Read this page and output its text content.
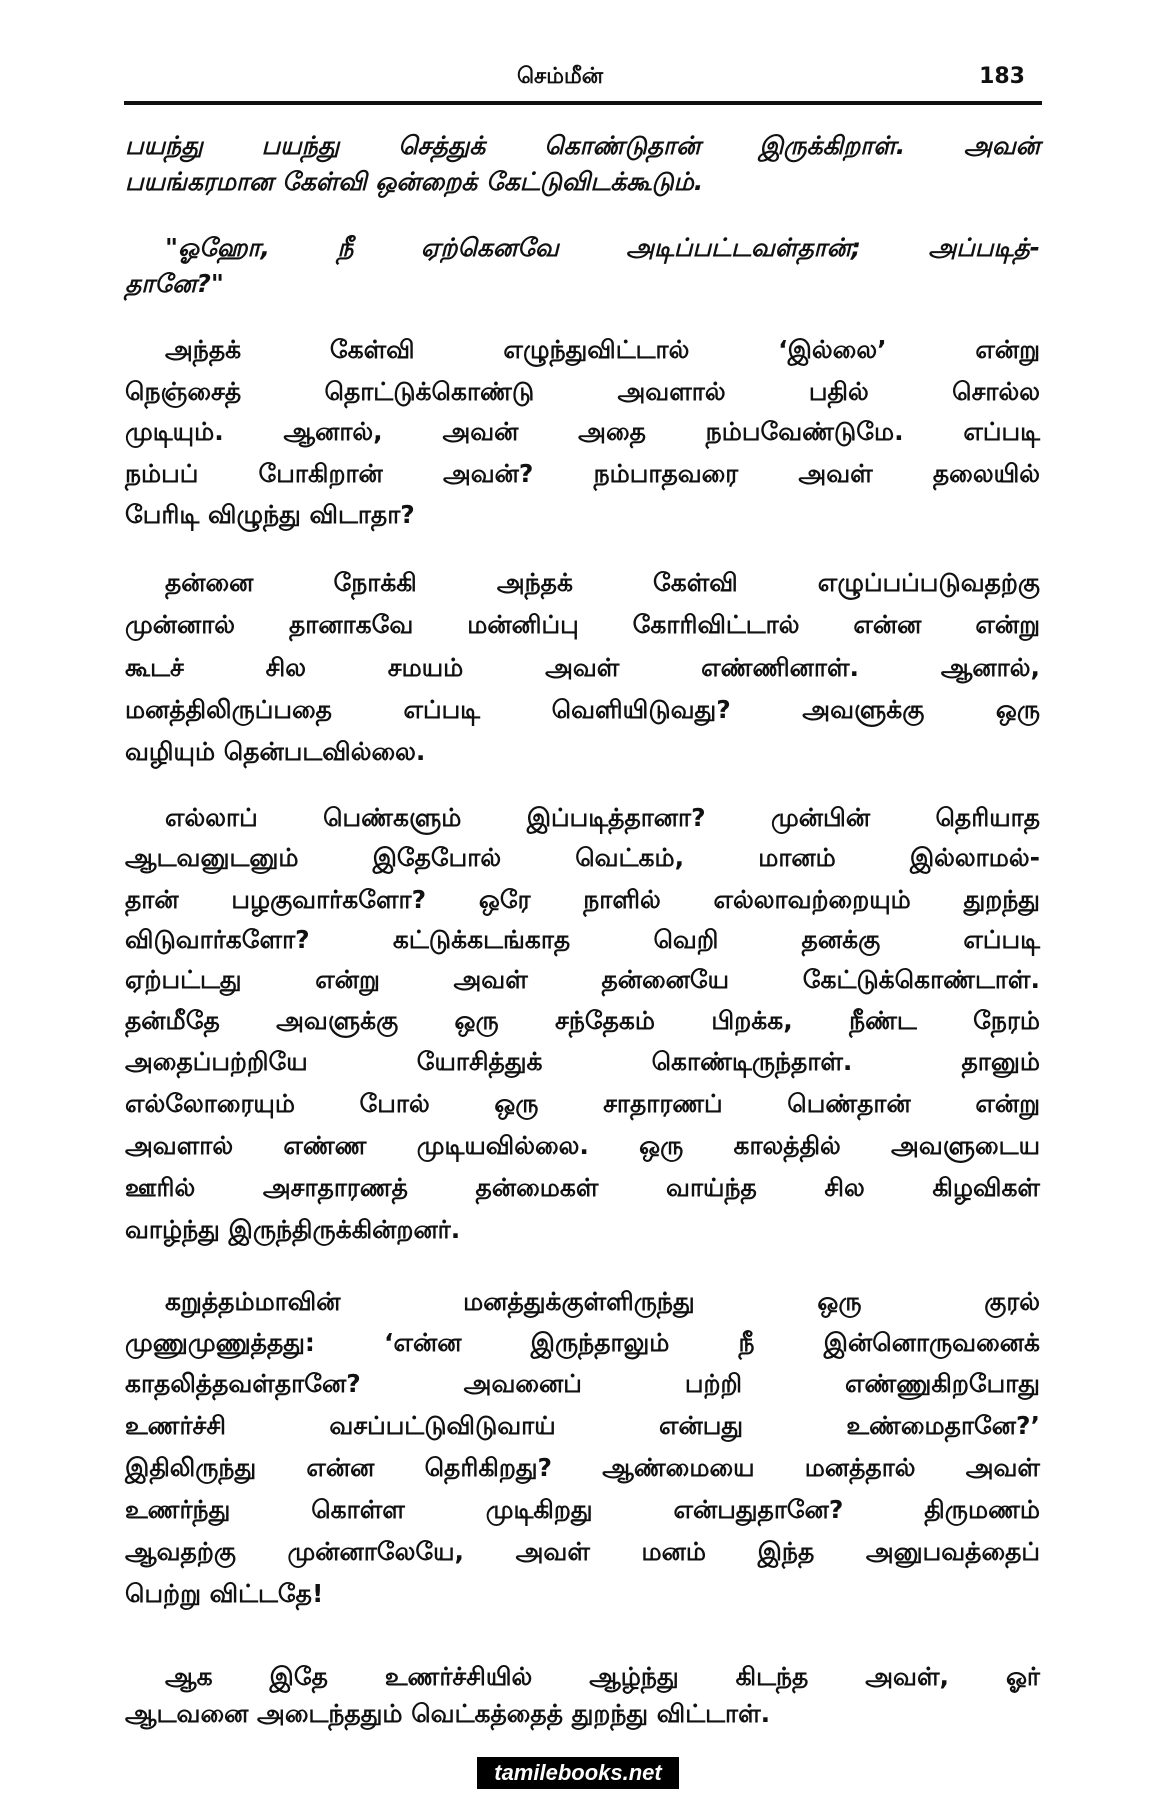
செம்மீன்	183
பயந்து பயந்து செத்துக் கொண்டுதான் இருக்கிறாள். அவன்
பயங்கரமான கேள்வி ஒன்றைக் கேட்டுவிடக்கூடும்.
"ஓஹோ, நீ ஏற்கெனவே அடிப்பட்டவள்தான்; அப்படித்-
தானே?"
அந்தக் கேள்வி எழுந்துவிட்டால் ‘இல்லை’ என்று
நெஞ்சைத் தொட்டுக்கொண்டு அவளால் பதில் சொல்ல
முடியும். ஆனால், அவன் அதை நம்பவேண்டுமே. எப்படி
நம்பப் போகிறான் அவன்? நம்பாதவரை அவள் தலையில்
பேரிடி விழுந்து விடாதா?
தன்னை நோக்கி அந்தக் கேள்வி எழுப்பப்படுவதற்கு
முன்னால் தானாகவே மன்னிப்பு கோரிவிட்டால் என்ன என்று
கூடச் சில சமயம் அவள் எண்ணினாள். ஆனால்,
மனத்திலிருப்பதை எப்படி வெளியிடுவது? அவளுக்கு ஒரு
வழியும் தென்படவில்லை.
எல்லாப் பெண்களும் இப்படித்தானா? முன்பின் தெரியாத
ஆடவனுடனும் இதேபோல் வெட்கம், மானம் இல்லாமல்-
தான் பழகுவார்களோ? ஒரே நாளில் எல்லாவற்றையும் துறந்து
விடுவார்களோ? கட்டுக்கடங்காத வெறி தனக்கு எப்படி
ஏற்பட்டது என்று அவள் தன்னையே கேட்டுக்கொண்டாள்.
தன்மீதே அவளுக்கு ஒரு சந்தேகம் பிறக்க, நீண்ட நேரம்
அதைப்பற்றியே யோசித்துக் கொண்டிருந்தாள். தானும்
எல்லோரையும் போல் ஒரு சாதாரணப் பெண்தான் என்று
அவளால் எண்ண முடியவில்லை. ஒரு காலத்தில் அவளுடைய
ஊரில் அசாதாரணத் தன்மைகள் வாய்ந்த சில கிழவிகள்
வாழ்ந்து இருந்திருக்கின்றனர்.
கறுத்தம்மாவின் மனத்துக்குள்ளிருந்து ஒரு குரல்
முணுமுணுத்தது: ‘என்ன இருந்தாலும் நீ இன்னொருவனைக்
காதலித்தவள்தானே? அவனைப் பற்றி எண்ணுகிறபோது
உணர்ச்சி வசப்பட்டுவிடுவாய் என்பது உண்மைதானே?’
இதிலிருந்து என்ன தெரிகிறது? ஆண்மையை மனத்தால் அவள்
உணர்ந்து கொள்ள முடிகிறது என்பதுதானே? திருமணம்
ஆவதற்கு முன்னாலேயே, அவள் மனம் இந்த அனுபவத்தைப்
பெற்று விட்டதே!
ஆக இதே உணர்ச்சியில் ஆழ்ந்து கிடந்த அவள், ஓர்
ஆடவனை அடைந்ததும் வெட்கத்தைத் துறந்து விட்டாள்.
tamilebooks.net
